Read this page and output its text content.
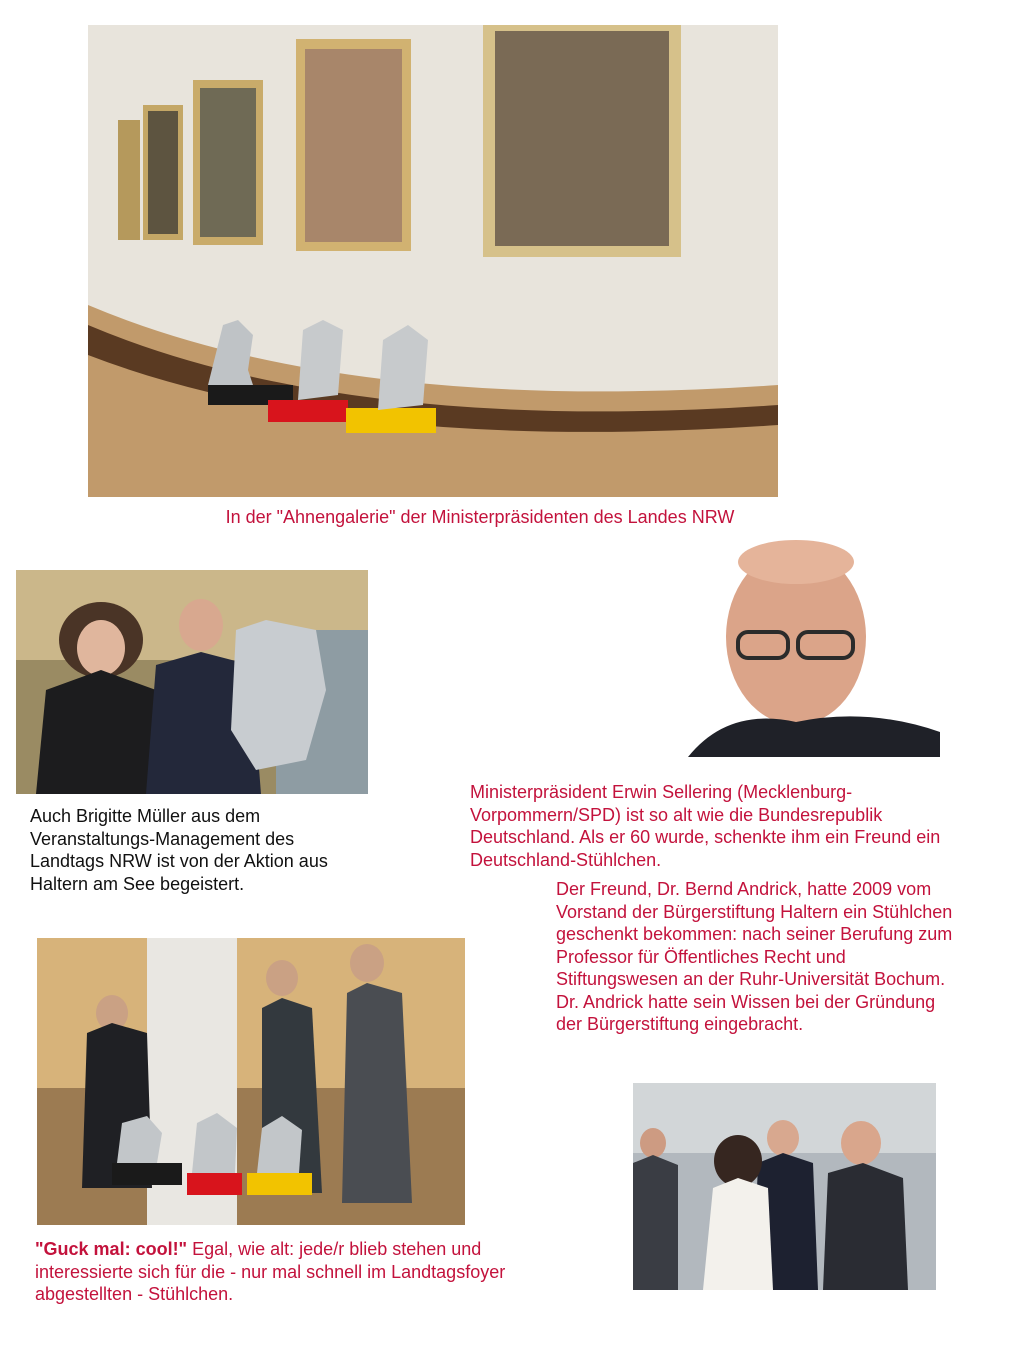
In der "Ahnengalerie" der Ministerpräsidenten des Landes NRW
Auch Brigitte Müller aus dem Veranstaltungs-Management des Landtags NRW ist von der Aktion aus Haltern am See begeistert.
Ministerpräsident Erwin Sellering (Mecklenburg-Vorpommern/SPD) ist so alt wie die Bundesrepublik Deutschland. Als er 60 wurde, schenkte ihm ein Freund ein Deutschland-Stühlchen.
Der Freund, Dr. Bernd Andrick, hatte 2009 vom Vorstand der Bürgerstiftung Haltern ein Stühlchen geschenkt bekommen: nach seiner Berufung zum Professor für Öffentliches Recht und Stiftungswesen an der Ruhr-Universität Bochum. Dr. Andrick hatte sein Wissen bei der Gründung der Bürgerstiftung eingebracht.
"Guck mal: cool!" Egal, wie alt: jede/r blieb stehen und interessierte sich für die - nur mal schnell im Landtagsfoyer abgestellten - Stühlchen.
